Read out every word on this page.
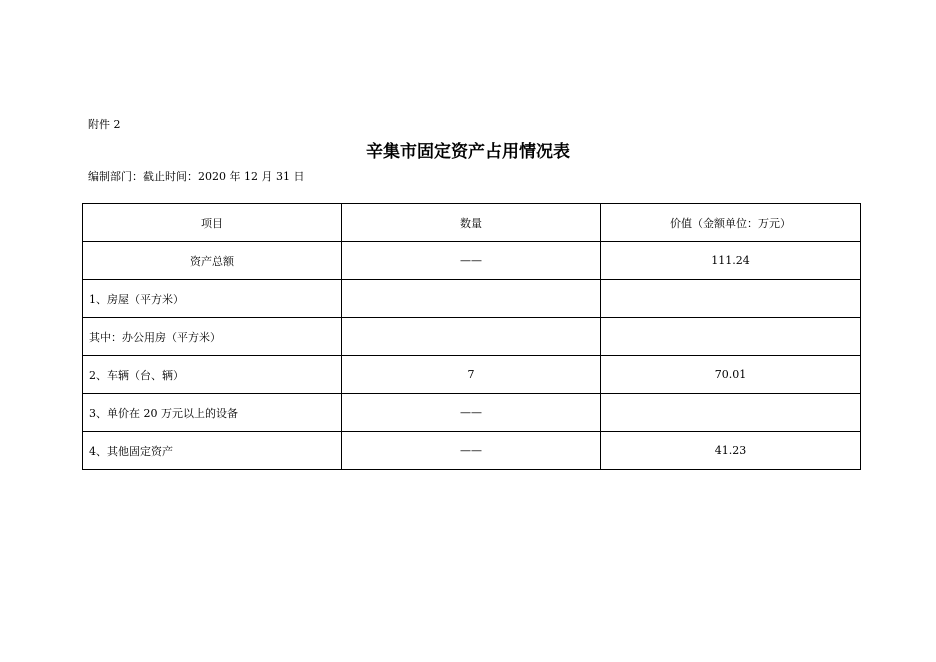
附件 2
辛集市固定资产占用情况表
编制部门：截止时间：2020 年 12 月 31 日
项目	数量	价值（金额单位：万元）
资产总额	——	111.24
1、房屋（平方米）		
其中：办公用房（平方米）		
2、车辆（台、辆）	7	70.01
3、单价在 20 万元以上的设备	——	
4、其他固定资产	——	41.23
